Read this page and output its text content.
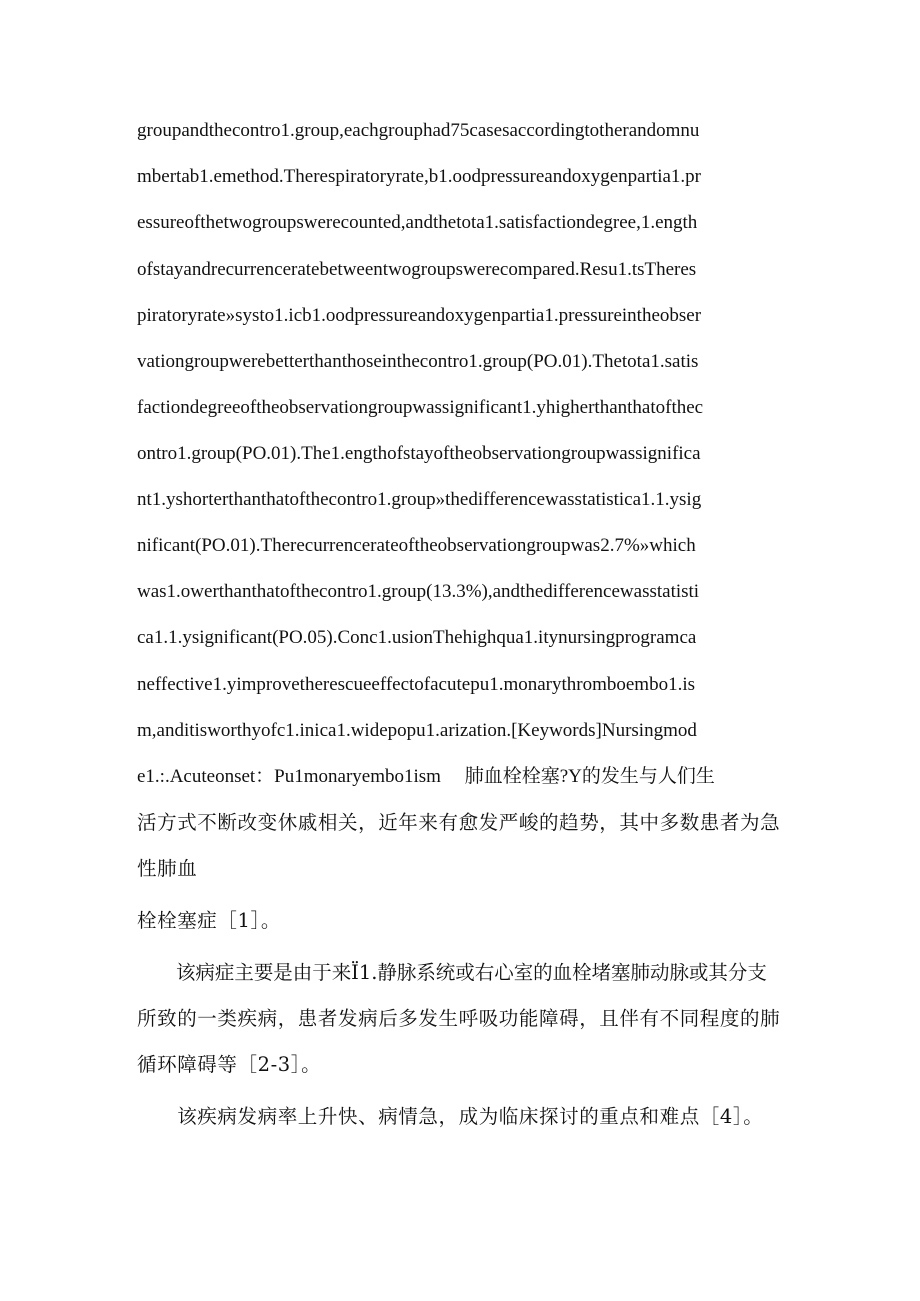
groupandthecontro1.group,eachgrouphad75casesaccordingtotherandomnu
mbertab1.emethod.Therespiratoryrate,b1.oodpressureandoxygenpartia1.pr
essureofthetwogroupswerecounted,andthetota1.satisfactiondegree,1.ength
ofstayandrecurrenceratebetweentwogroupswerecompared.Resu1.tsTheres
piratoryrate»systo1.icb1.oodpressureandoxygenpartia1.pressureintheobser
vationgroupwerebetterthanthoseinthecontro1.group(PO.01).Thetota1.satis
factiondegreeoftheobservationgroupwassignificant1.yhigherthanthatofthec
ontro1.group(PO.01).The1.engthofstayoftheobservationgroupwassignifica
nt1.yshorterthanthatofthecontro1.group»thedifferencewasstatistica1.1.ysig
nificant(PO.01).Therecurrencerateoftheobservationgroupwas2.7%»which
was1.owerthanthatofthecontro1.group(13.3%),andthedifferencewasstatisti
ca1.1.ysignificant(PO.05).Conc1.usionThehighqua1.itynursingprogramca
neffective1.yimprovetherescueeffectofacutepu1.monarythromboembo1.is
m,anditisworthyofc1.inica1.widepopu1.arization.[Keywords]Nursingmod
e1.:.Acuteonset：Pu1monaryembo1ism　 肺血栓栓塞?Y的发生与人们生
活方式不断改变休戚相关，近年来有愈发严峻的趋势，其中多数患者为急
性肺血
栓栓塞症［1］。
　　该病症主要是由于来Ï1.静脉系统或右心室的血栓堵塞肺动脉或其分支
所致的一类疾病，患者发病后多发生呼吸功能障碍，且伴有不同程度的肺
循环障碍等［2-3］。
　　该疾病发病率上升快、病情急，成为临床探讨的重点和难点［4］。
